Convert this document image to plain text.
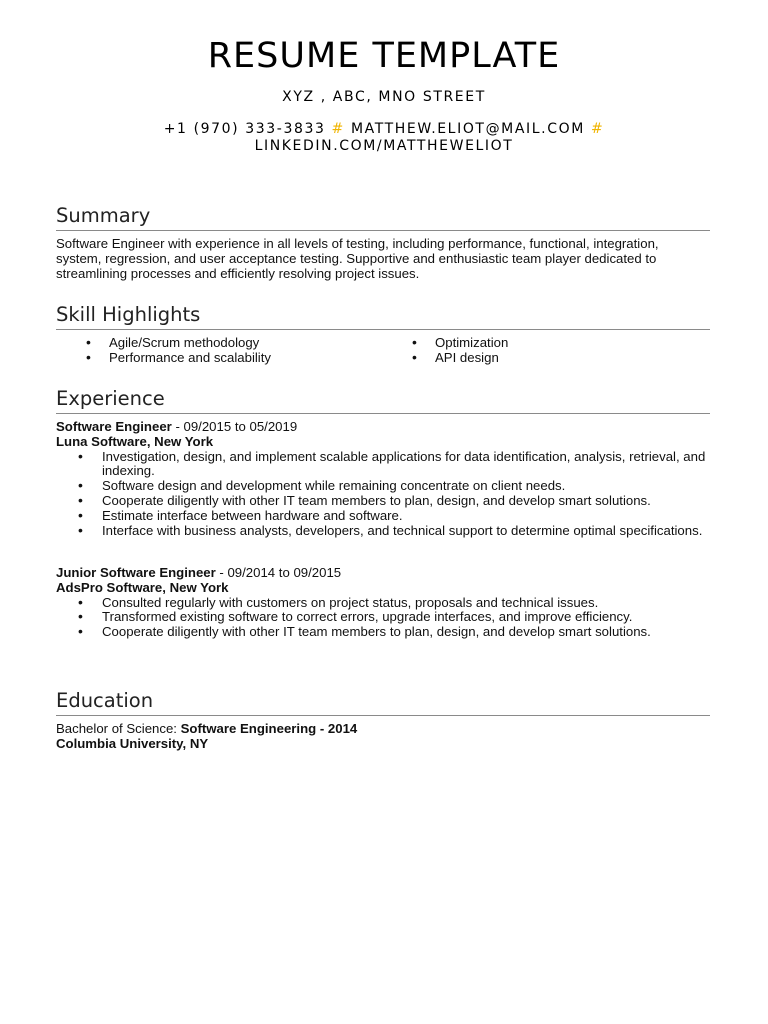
RESUME TEMPLATE
XYZ , ABC, MNO STREET
+1 (970) 333-3833 # MATTHEW.ELIOT@MAIL.COM #
LINKEDIN.COM/MATTHEWELIOT
Summary
Software Engineer with experience in all levels of testing, including performance, functional, integration, system, regression, and user acceptance testing. Supportive and enthusiastic team player dedicated to streamlining processes and efficiently resolving project issues.
Skill Highlights
• Agile/Scrum methodology
• Performance and scalability
• Optimization
• API design
Experience
Software Engineer - 09/2015 to 05/2019
Luna Software, New York
• Investigation, design, and implement scalable applications for data identification, analysis, retrieval, and indexing.
• Software design and development while remaining concentrate on client needs.
• Cooperate diligently with other IT team members to plan, design, and develop smart solutions.
• Estimate interface between hardware and software.
• Interface with business analysts, developers, and technical support to determine optimal specifications.
Junior Software Engineer - 09/2014 to 09/2015
AdsPro Software, New York
• Consulted regularly with customers on project status, proposals and technical issues.
• Transformed existing software to correct errors, upgrade interfaces, and improve efficiency.
• Cooperate diligently with other IT team members to plan, design, and develop smart solutions.
Education
Bachelor of Science: Software Engineering - 2014
Columbia University, NY
